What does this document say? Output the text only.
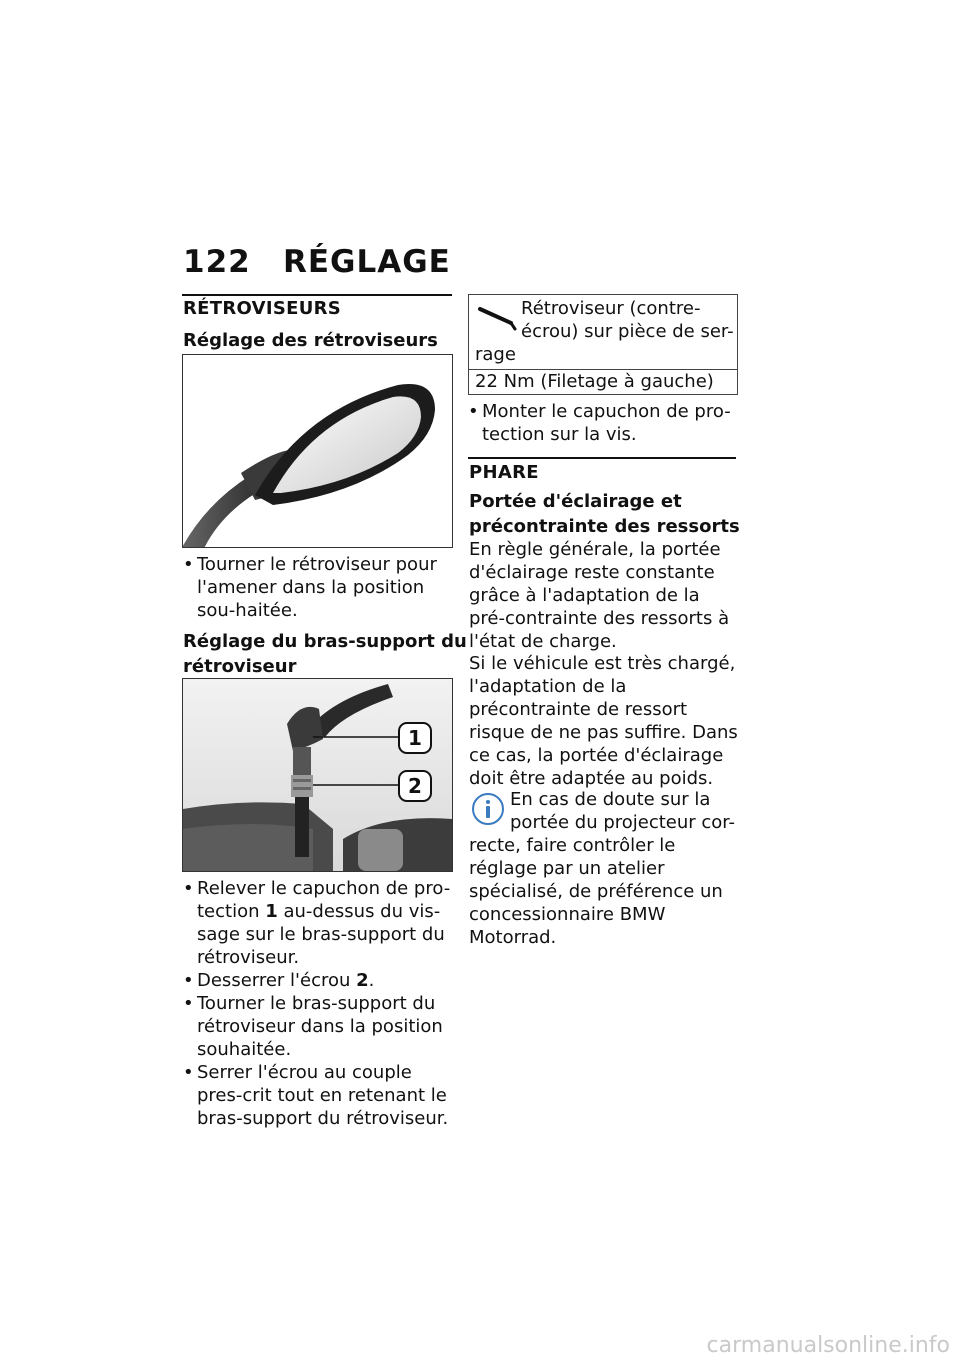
122 RÉGLAGE
RÉTROVISEURS
Réglage des rétroviseurs
• Tourner le rétroviseur pour l'amener dans la position sou-haitée.
Réglage du bras-support du
rétroviseur
1
2
• Relever le capuchon de pro-tection 1 au-dessus du vis-sage sur le bras-support du rétroviseur.
• Desserrer l'écrou 2.
• Tourner le bras-support du rétroviseur dans la position souhaitée.
• Serrer l'écrou au couple pres-crit tout en retenant le bras-support du rétroviseur.
Rétroviseur (contre-
écrou) sur pièce de ser-
rage
22 Nm (Filetage à gauche)
• Monter le capuchon de pro-tection sur la vis.
PHARE
Portée d'éclairage et
précontrainte des ressorts
En règle générale, la portée d'éclairage reste constante grâce à l'adaptation de la pré-contrainte des ressorts à l'état de charge.
Si le véhicule est très chargé, l'adaptation de la précontrainte de ressort risque de ne pas suffire. Dans ce cas, la portée d'éclairage doit être adaptée au poids.
En cas de doute sur la
portée du projecteur cor-
recte, faire contrôler le réglage par un atelier spécialisé, de préférence un concessionnaire BMW Motorrad.
carmanualsonline.info
